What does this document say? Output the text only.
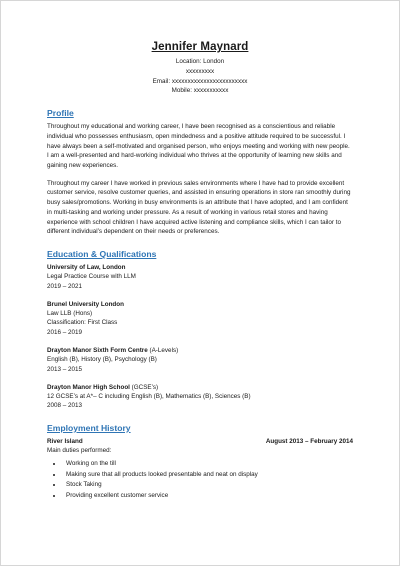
Jennifer Maynard
Location: London
xxxxxxxxx
Email: xxxxxxxxxxxxxxxxxxxxxxxx
Mobile: xxxxxxxxxxx
Profile
Throughout my educational and working career, I have been recognised as a conscientious and reliable individual who possesses enthusiasm, open mindedness and a positive attitude required to be successful. I have always been a self-motivated and organised person, who enjoys meeting and working with new people. I am a well-presented and hard-working individual who thrives at the opportunity of learning new skills and gaining new experiences.
Throughout my career I have worked in previous sales environments where I have had to provide excellent customer service, resolve customer queries, and assisted in ensuring operations in store ran smoothly during busy sales/promotions. Working in busy environments is an attribute that I have adopted, and I am confident in multi-tasking and working under pressure. As a result of working in various retail stores and having experience with school children I have acquired active listening and compliance skills, which I can tailor to different individual’s dependent on their needs or preferences.
Education & Qualifications
University of Law, London
Legal Practice Course with LLM
2019 – 2021
Brunel University London
Law LLB (Hons)
Classification: First Class
2016 – 2019
Drayton Manor Sixth Form Centre (A-Levels)
English (B), History (B), Psychology (B)
2013 – 2015
Drayton Manor High School (GCSE’s)
12 GCSE’s at A*– C including English (B), Mathematics (B), Sciences (B)
2008 – 2013
Employment History
River Island	August 2013 – February 2014
Main duties performed:
• Working on the till
• Making sure that all products looked presentable and neat on display
• Stock Taking
• Providing excellent customer service
